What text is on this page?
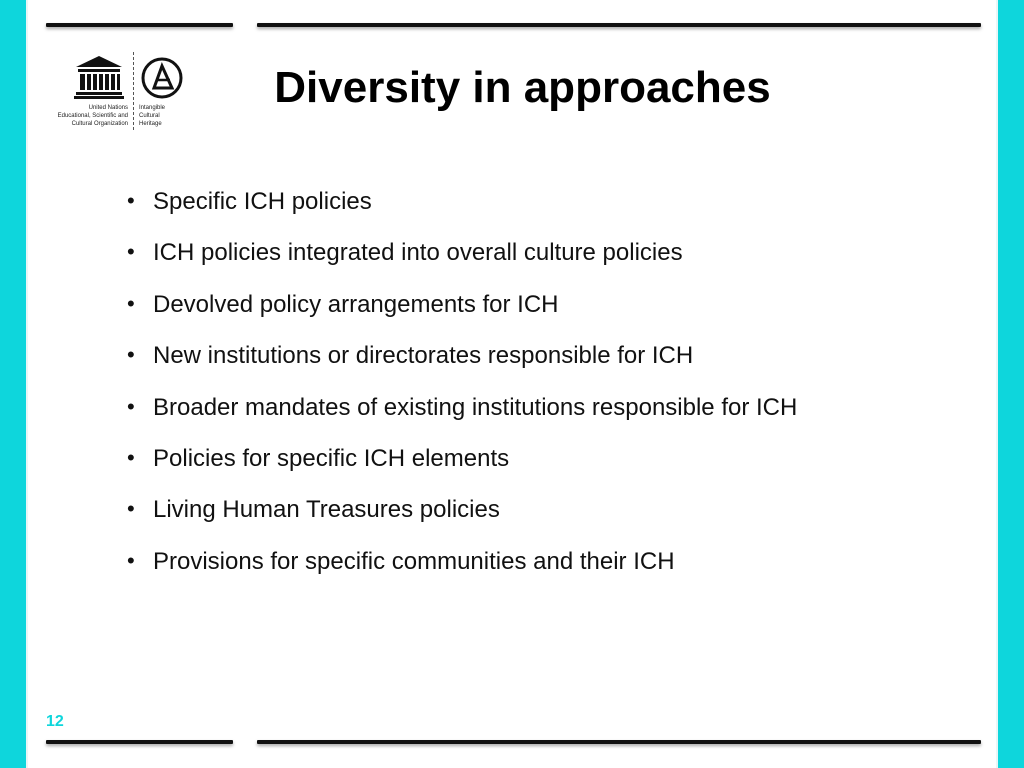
United Nations
Educational, Scientific and
Cultural Organization
Intangible
Cultural
Heritage
Diversity in approaches
• Specific ICH policies
• ICH policies integrated into overall culture policies
• Devolved policy arrangements for ICH
• New institutions or directorates responsible for ICH
• Broader mandates of existing institutions responsible for ICH
• Policies for specific ICH elements
• Living Human Treasures policies
• Provisions for specific communities and their ICH
12
